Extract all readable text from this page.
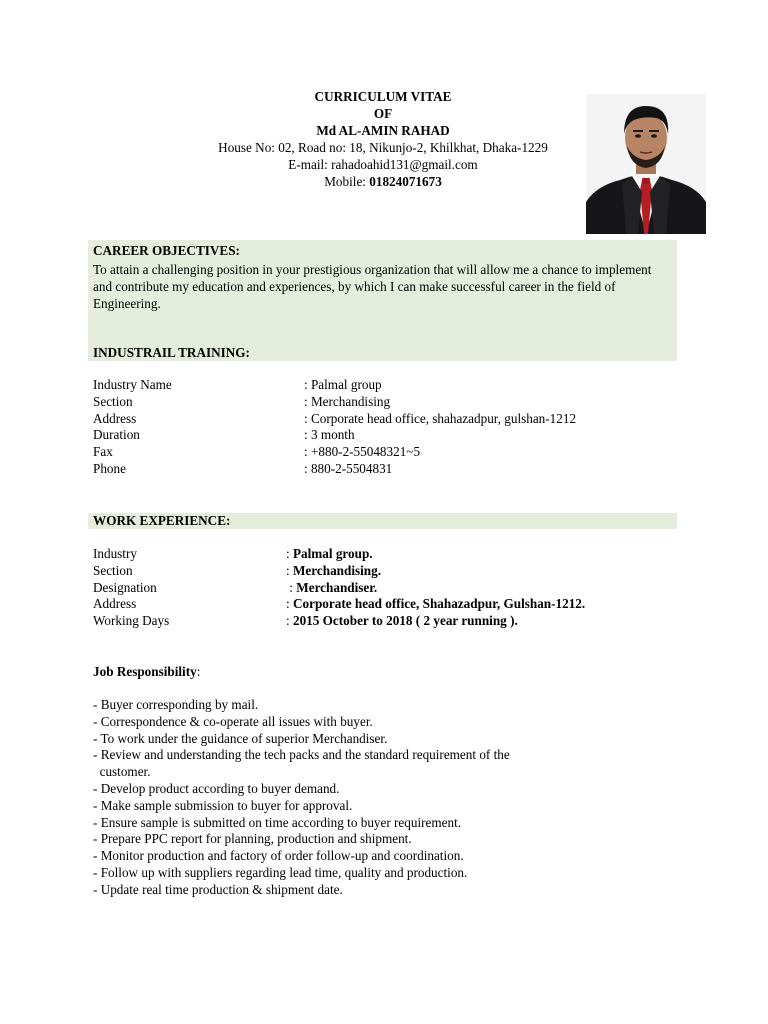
CURRICULUM VITAE
OF
Md AL-AMIN RAHAD
House No: 02, Road no: 18, Nikunjo-2, Khilkhat, Dhaka-1229
E-mail: rahadoahid131@gmail.com
Mobile: 01824071673
CAREER OBJECTIVES:
To attain a challenging position in your prestigious organization that will allow me a chance to implement and contribute my education and experiences, by which I can make successful career in the field of Engineering.
INDUSTRAIL TRAINING:
Industry Name	: Palmal group
Section	: Merchandising
Address	: Corporate head office, shahazadpur, gulshan-1212
Duration	: 3 month
Fax	: +880-2-55048321~5
Phone	: 880-2-5504831
WORK EXPERIENCE:
Industry	: Palmal group.
Section	: Merchandising.
Designation	: Merchandiser.
Address	: Corporate head office, Shahazadpur, Gulshan-1212.
Working Days	: 2015 October to 2018 ( 2 year running ).
Job Responsibility:
- Buyer corresponding by mail.
- Correspondence & co-operate all issues with buyer.
- To work under the guidance of superior Merchandiser.
- Review and understanding the tech packs and the standard requirement of the
customer.
- Develop product according to buyer demand.
- Make sample submission to buyer for approval.
- Ensure sample is submitted on time according to buyer requirement.
- Prepare PPC report for planning, production and shipment.
- Monitor production and factory of order follow-up and coordination.
- Follow up with suppliers regarding lead time, quality and production.
- Update real time production & shipment date.
